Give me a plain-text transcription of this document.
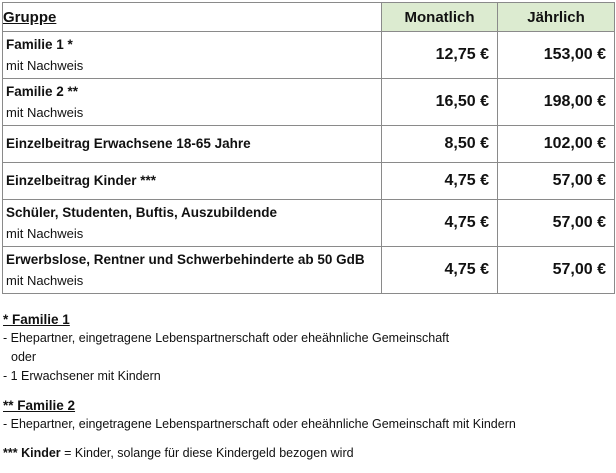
Gruppe	Monatlich	Jährlich

Familie 1 *
mit Nachweis	12,75 €	153,00 €

Familie 2 **
mit Nachweis	16,50 €	198,00 €

Einzelbeitrag Erwachsene 18-65 Jahre	8,50 €	102,00 €

Einzelbeitrag Kinder ***	4,75 €	57,00 €

Schüler, Studenten, Buftis, Auszubildende
mit Nachweis	4,75 €	57,00 €

Erwerbslose, Rentner und Schwerbehinderte ab 50 GdB
mit Nachweis	4,75 €	57,00 €
* Familie 1
- Ehepartner, eingetragene Lebenspartnerschaft oder eheähnliche Gemeinschaft
oder
- 1 Erwachsener mit Kindern
** Familie 2
- Ehepartner, eingetragene Lebenspartnerschaft oder eheähnliche Gemeinschaft mit Kindern
*** Kinder = Kinder, solange für diese Kindergeld bezogen wird
